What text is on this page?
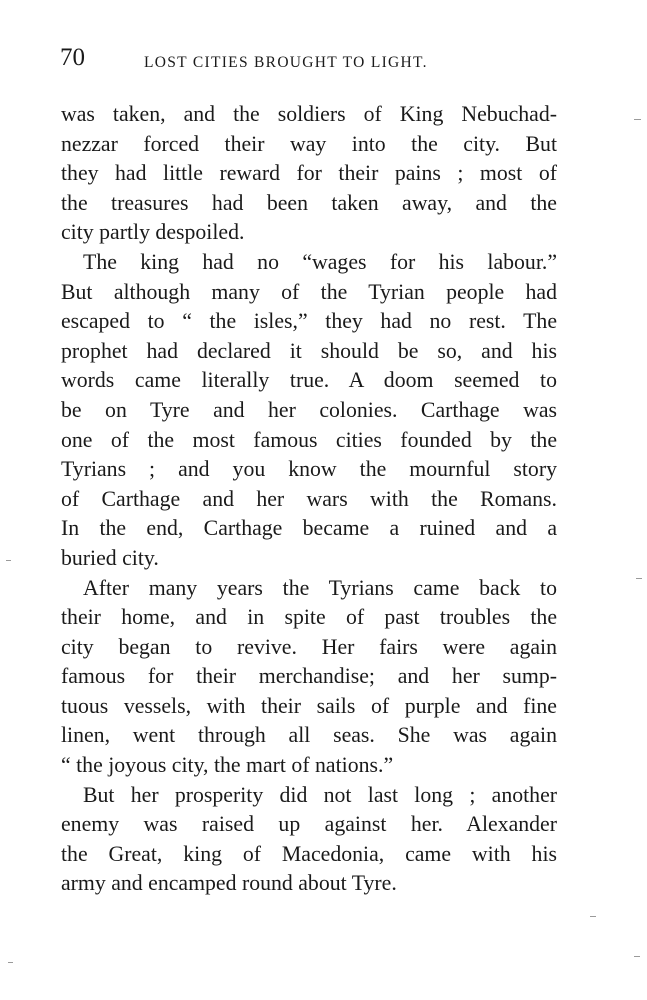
70	LOST CITIES BROUGHT TO LIGHT.
was taken, and the soldiers of King Nebuchad-
nezzar forced their way into the city. But
they had little reward for their pains ; most of
the treasures had been taken away, and the
city partly despoiled.
The king had no “wages for his labour.”
But although many of the Tyrian people had
escaped to “ the isles,” they had no rest. The
prophet had declared it should be so, and his
words came literally true. A doom seemed to
be on Tyre and her colonies. Carthage was
one of the most famous cities founded by the
Tyrians ; and you know the mournful story
of Carthage and her wars with the Romans.
In the end, Carthage became a ruined and a
buried city.
After many years the Tyrians came back to
their home, and in spite of past troubles the
city began to revive. Her fairs were again
famous for their merchandise; and her sump-
tuous vessels, with their sails of purple and fine
linen, went through all seas. She was again
“ the joyous city, the mart of nations.”
But her prosperity did not last long ; another
enemy was raised up against her. Alexander
the Great, king of Macedonia, came with his
army and encamped round about Tyre.
